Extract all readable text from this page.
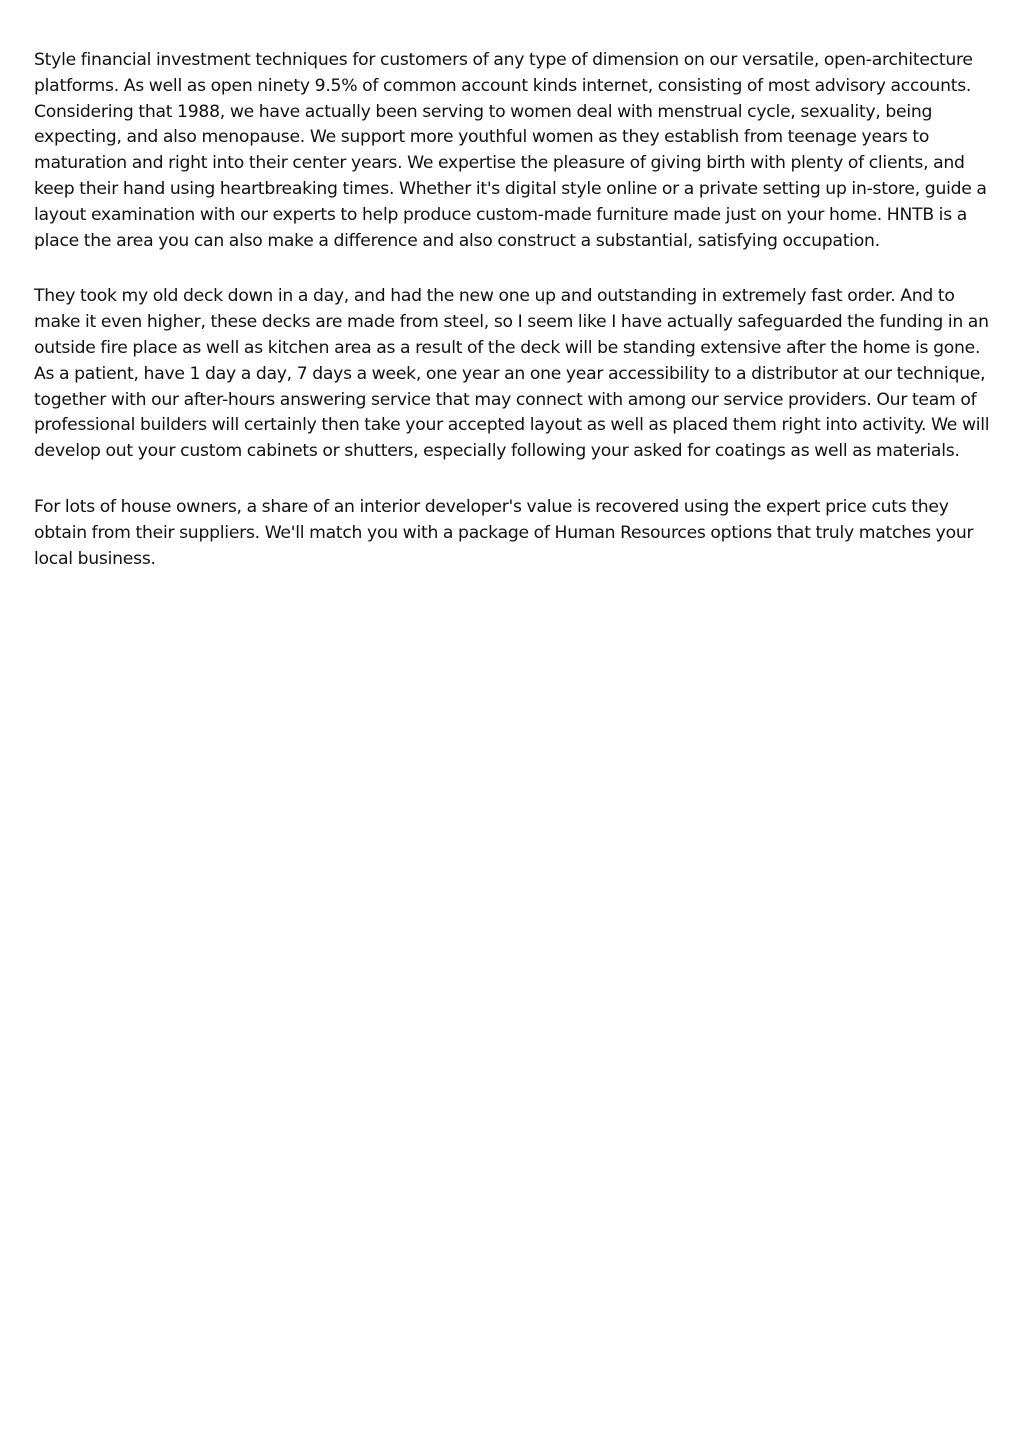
Style financial investment techniques for customers of any type of dimension on our versatile, open-architecture platforms. As well as open ninety 9.5% of common account kinds internet, consisting of most advisory accounts. Considering that 1988, we have actually been serving to women deal with menstrual cycle, sexuality, being expecting, and also menopause. We support more youthful women as they establish from teenage years to maturation and right into their center years. We expertise the pleasure of giving birth with plenty of clients, and keep their hand using heartbreaking times. Whether it's digital style online or a private setting up in-store, guide a layout examination with our experts to help produce custom-made furniture made just on your home. HNTB is a place the area you can also make a difference and also construct a substantial, satisfying occupation.

They took my old deck down in a day, and had the new one up and outstanding in extremely fast order. And to make it even higher, these decks are made from steel, so I seem like I have actually safeguarded the funding in an outside fire place as well as kitchen area as a result of the deck will be standing extensive after the home is gone. As a patient, have 1 day a day, 7 days a week, one year an one year accessibility to a distributor at our technique, together with our after-hours answering service that may connect with among our service providers. Our team of professional builders will certainly then take your accepted layout as well as placed them right into activity. We will develop out your custom cabinets or shutters, especially following your asked for coatings as well as materials.

For lots of house owners, a share of an interior developer's value is recovered using the expert price cuts they obtain from their suppliers. We'll match you with a package of Human Resources options that truly matches your local business.
